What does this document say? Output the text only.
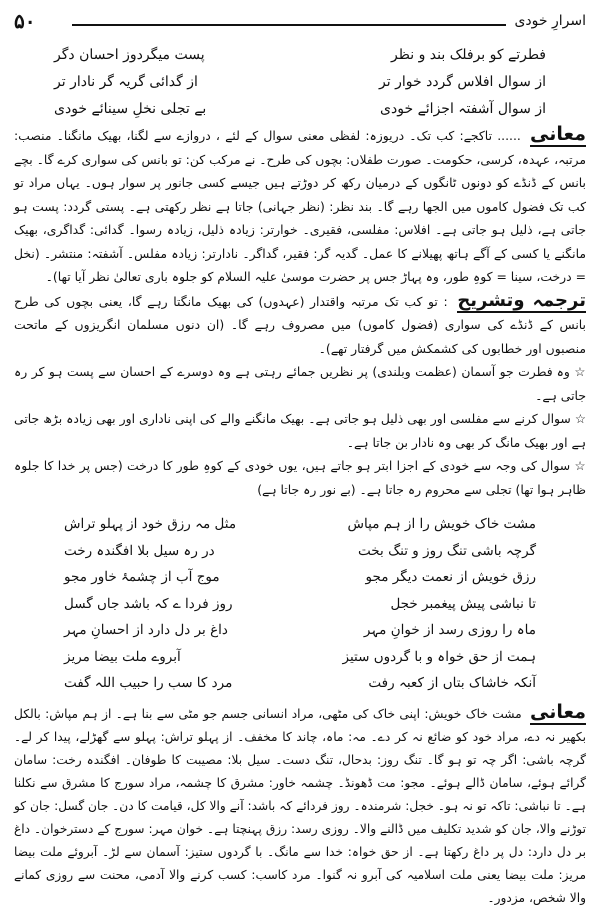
۵۰	اسرارِ خودی
فطرتے کو برفلک بند و نظر
پست میگردوز احسان دگر
از سوال افلاس گردد خوار تر
از گدائی گریہ گر نادار تر
از سوال آشفتہ اجزائے خودی
بے تجلی نخلِ سینائے خودی
معانی ...... تاکجے: کب تک۔ دریوزہ: لفظی معنی سوال کے لئے ، دروازے سے لگنا، بھیک مانگنا۔ منصب: مرتبہ، عہدہ، کرسی، حکومت۔ صورت طفلاں: بچوں کی طرح۔ نے مرکب کن: تو بانس کی سواری کرے گا۔ بچے بانس کے ڈنڈے کو دونوں ٹانگوں کے درمیان رکھ کر دوڑتے ہیں جیسے کسی جانور پر سوار ہوں۔ یہاں مراد تو کب تک فضول کاموں میں الجھا رہے گا۔ بند نظر: (نظر جہانی) جاتا ہے نظر رکھتی ہے۔ پستی گردد: پست ہو جاتی ہے، ذلیل ہو جاتی ہے۔ افلاس: مفلسی، فقیری۔ خوارتر: زیادہ ذلیل، زیادہ رسوا۔ گدائی: گداگری، بھیک مانگنے یا کسی کے آگے ہاتھ پھیلانے کا عمل۔ گدیہ گر: فقیر، گداگر۔ نادارتر: زیادہ مفلس۔ آشفتہ: منتشر۔ (نخل = درخت، سینا = کوہِ طور، وہ پہاڑ جس پر حضرت موسیٰ علیہ السلام کو جلوہ باری تعالیٰ نظر آیا تھا)۔
ترجمہ وتشریح : تو کب تک مرتبہ واقتدار (عہدوں) کی بھیک مانگتا رہے گا، یعنی بچوں کی طرح بانس کے ڈنڈے کی سواری (فضول کاموں) میں مصروف رہے گا۔ (ان دنوں مسلمان انگریزوں کے ماتحت منصبوں اور خطابوں کی کشمکش میں گرفتار تھے)۔
☆ وہ فطرت جو آسمان (عظمت وبلندی) پر نظریں جمائے رہتی ہے وہ دوسرے کے احسان سے پست ہو کر رہ جاتی ہے۔
☆ سوال کرنے سے مفلسی اور بھی ذلیل ہو جاتی ہے۔ بھیک مانگنے والے کی اپنی ناداری اور بھی زیادہ بڑھ جاتی ہے اور بھیک مانگ کر بھی وہ نادار بن جاتا ہے۔
☆ سوال کی وجہ سے خودی کے اجزا ابتر ہو جاتے ہیں، یوں خودی کے کوہِ طور کا درخت (جس پر خدا کا جلوہ ظاہر ہوا تھا) تجلی سے محروم رہ جاتا ہے۔ (بے نور رہ جاتا ہے)
مشت خاک خویش را از ہم مپاش
مثل مہ رزق خود از پہلو تراش
گرچہ باشی تنگ روز و تنگ بخت
در رہ سیل بلا افگندہ رخت
رزق خویش از نعمت دیگر مجو
موج آب از چشمۂ خاور مجو
تا نباشی پیش پیغمبر خجل
روز فردا ے کہ باشد جاں گسل
ماہ را روزی رسد از خوانِ مہر
داغ بر دل دارد از احسانِ مہر
ہمت از حق خواہ و با گردوں ستیز
آبروے ملت بیضا مریز
آنکہ خاشاک بتاں از کعبہ رفت
مرد کا سب را حبیب اللہ گفت
معانی مشت خاک خویش: اپنی خاک کی مٹھی، مراد انسانی جسم جو مٹی سے بنا ہے۔ از ہم مپاش: بالکل بکھیر نہ دے، مراد خود کو ضائع نہ کر دے۔ مہ: ماہ، چاند کا مخفف۔ از پہلو تراش: پہلو سے گھڑلے، پیدا کر لے۔ گرچہ باشی: اگر چہ تو ہو گا۔ تنگ روز: بدحال، تنگ دست۔ سیل بلا: مصیبت کا طوفان۔ افگندہ رخت: سامان گرائے ہوئے، سامان ڈالے ہوئے۔ مجو: مت ڈھونڈ۔ چشمہ خاور: مشرق کا چشمہ، مراد سورج کا مشرق سے نکلنا ہے۔ تا نباشی: تاکہ تو نہ ہو۔ خجل: شرمندہ۔ روز فردائے کہ باشد: آنے والا کل، قیامت کا دن۔ جان گسل: جان کو توڑنے والا، جان کو شدید تکلیف میں ڈالنے والا۔ روزی رسد: رزق پہنچتا ہے۔ خوان مہر: سورج کے دسترخوان۔ داغ بر دل دارد: دل پر داغ رکھتا ہے۔ از حق خواہ: خدا سے مانگ۔ با گردوں ستیز: آسمان سے لڑ۔ آبروئے ملت بیضا مریز: ملت بیضا یعنی ملت اسلامیہ کی آبرو نہ گنوا۔ مرد کاسب: کسب کرنے والا آدمی، محنت سے روزی کمانے والا شخص، مزدور۔
